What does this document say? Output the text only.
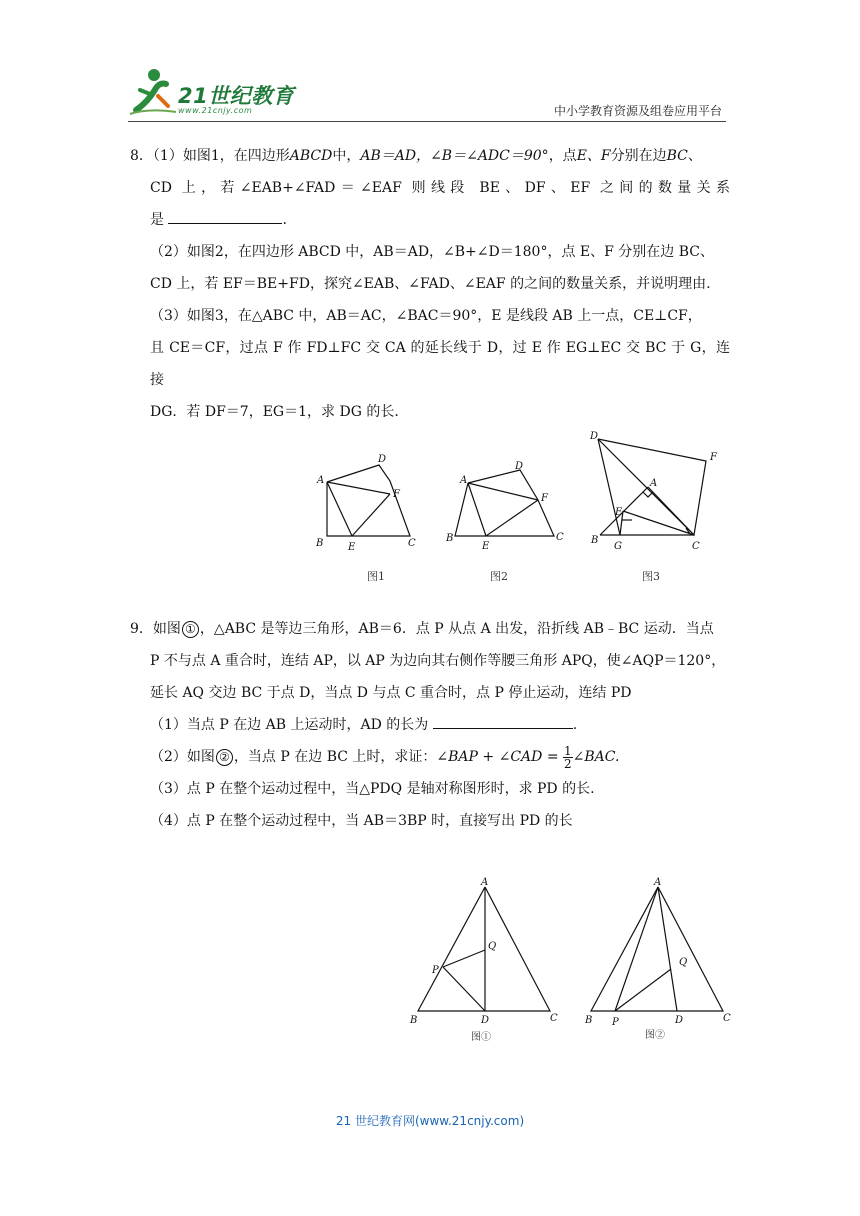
21世纪教育
www.21cnjy.com	中小学教育资源及组卷应用平台

8．（1）如图1，在四边形ABCD中，AB＝AD，∠B＝∠ADC＝90°，点E、F分别在边BC、

CD 上，若∠EAB+∠FAD＝∠EAF 则线段 BE、DF、EF 之间的数量关系

是	.

（2）如图2，在四边形 ABCD 中，AB＝AD，∠B+∠D＝180°，点 E、F 分别在边 BC、

CD 上，若 EF＝BE+FD，探究∠EAB、∠FAD、∠EAF 的之间的数量关系，并说明理由.

（3）如图3，在△ABC 中，AB＝AC，∠BAC＝90°，E 是线段 AB 上一点，CE⊥CF，

且 CE＝CF，过点 F 作 FD⊥FC 交 CA 的延长线于 D，过 E 作 EG⊥EC 交 BC 于 G，连接

DG．若 DF＝7，EG＝1，求 DG 的长.

A
D
F
B E	C
A
D
F
B
E
C
D
F
A
E
B
G	C
图1	图2	图3

9．如图 ① ，△ABC 是等边三角形，AB＝6．点 P 从点 A 出发，沿折线 AB﹣BC 运动．当点

P 不与点 A 重合时，连结 AP，以 AP 为边向其右侧作等腰三角形 APQ，使∠AQP＝120°，

延长 AQ 交边 BC 于点 D，当点 D 与点 C 重合时，点 P 停止运动，连结 PD

（1）当点 P 在边 AB 上运动时，AD 的长为	.

（2）如图 ② ，当点 P 在边 BC 上时，求证：∠BAP + ∠CAD = $\frac{1}{2}$ ∠BAC.

（3）点 P 在整个运动过程中，当△PDQ 是轴对称图形时，求 PD 的长.

（4）点 P 在整个运动过程中，当 AB＝3BP 时，直接写出 PD 的长

A
Q
P
B	D	C
A
Q
B P	D	C
图①	图②
21 世纪教育网(www.21cnjy.com)
